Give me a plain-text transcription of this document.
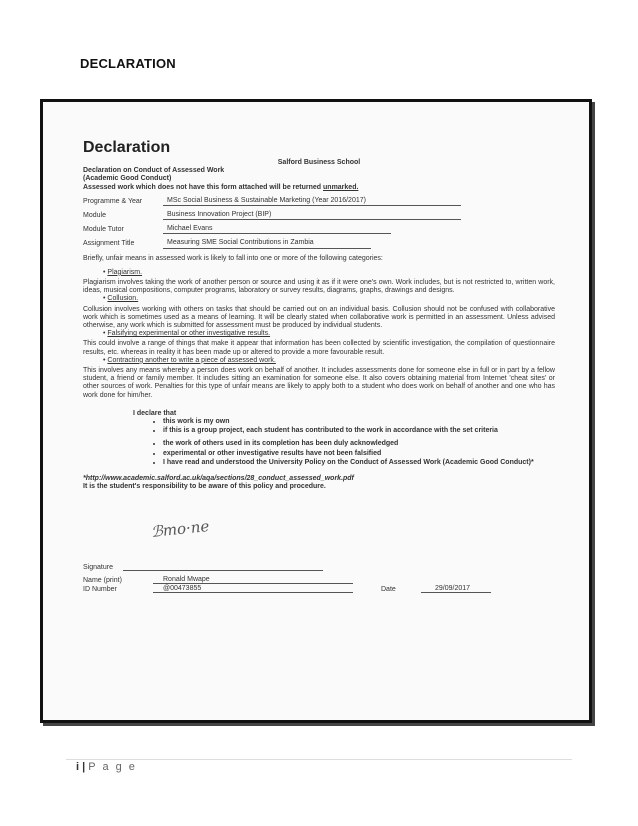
DECLARATION
Declaration
Salford Business School
Declaration on Conduct of Assessed Work
(Academic Good Conduct)
Assessed work which does not have this form attached will be returned unmarked.
Programme & Year	MSc Social Business & Sustainable Marketing (Year 2016/2017)
Module	Business Innovation Project (BIP)
Module Tutor	Michael Evans
Assignment Title	Measuring SME Social Contributions in Zambia
Briefly, unfair means in assessed work is likely to fall into one or more of the following categories:
• Plagiarism.
Plagiarism involves taking the work of another person or source and using it as if it were one's own. Work includes, but is not restricted to, written work, ideas, musical compositions, computer programs, laboratory or survey results, diagrams, graphs, drawings and designs.
• Collusion.
Collusion involves working with others on tasks that should be carried out on an individual basis. Collusion should not be confused with collaborative work which is sometimes used as a means of learning. It will be clearly stated when collaborative work is permitted in an assessment. Unless advised otherwise, any work which is submitted for assessment must be produced by individual students.
• Falsifying experimental or other investigative results.
This could involve a range of things that make it appear that information has been collected by scientific investigation, the compilation of questionnaire results, etc. whereas in reality it has been made up or altered to provide a more favourable result.
• Contracting another to write a piece of assessed work.
This involves any means whereby a person does work on behalf of another. It includes assessments done for someone else in full or in part by a fellow student, a friend or family member. It includes sitting an examination for someone else. It also covers obtaining material from Internet 'cheat sites' or other sources of work. Penalties for this type of unfair means are likely to apply both to a student who does work on behalf of another and one who has work done for him/her.
I declare that
• this work is my own
• if this is a group project, each student has contributed to the work in accordance with the set criteria
• the work of others used in its completion has been duly acknowledged
• experimental or other investigative results have not been falsified
• I have read and understood the University Policy on the Conduct of Assessed Work (Academic Good Conduct)*
*http://www.academic.salford.ac.uk/aqa/sections/28_conduct_assessed_work.pdf
It is the student's responsibility to be aware of this policy and procedure.
ℬmo·ne
Signature
Name (print)	Ronald Mwape
ID Number	@00473855	Date	29/09/2017
i | P a g e
